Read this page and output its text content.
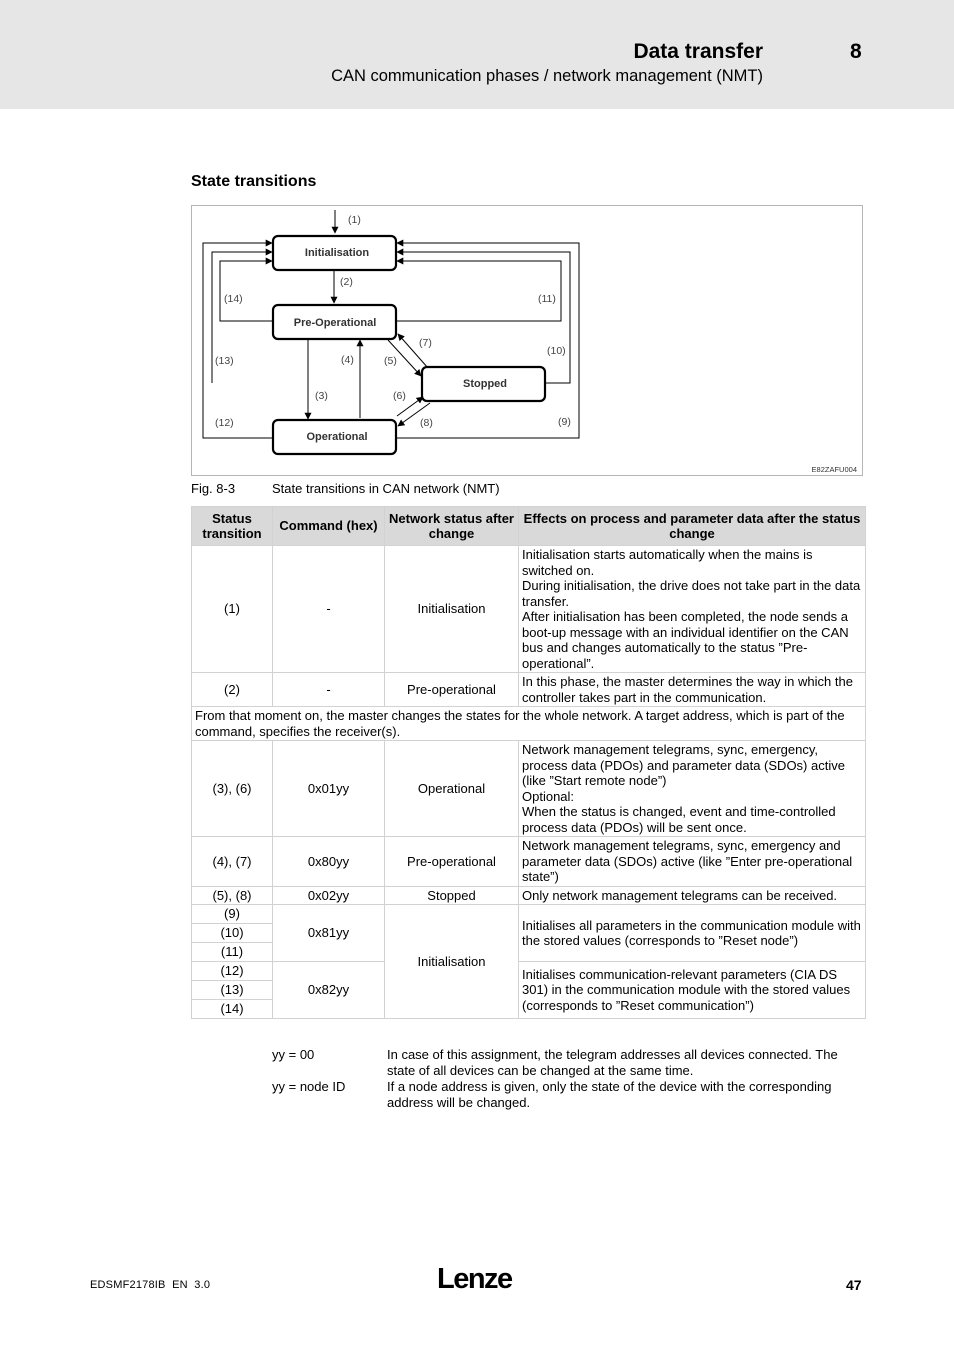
Data transfer	8
CAN communication phases / network management (NMT)
State transitions
Initialisation
Pre-Operational
Stopped
Operational
(1)
(2)
(14)	(11)
(13)	(4)	(5)
(7)
(10)
(3)	(6)
(12)	(8)	(9)
E82ZAFU004
Fig. 8-3	State transitions in CAN network (NMT)
Status transition	Command (hex)	Network status after change	Effects on process and parameter data after the status change
(1)	-	Initialisation	Initialisation starts automatically when the mains is switched on.
During initialisation, the drive does not take part in the data transfer.
After initialisation has been completed, the node sends a boot-up message with an individual identifier on the CAN bus and changes automatically to the status ”Pre-operational”.

(2)	-	Pre-operational	In this phase, the master determines the way in which the controller takes part in the communication.
From that moment on, the master changes the states for the whole network. A target address, which is part of the command, specifies the receiver(s).			
(3), (6)	0x01yy	Operational	Network management telegrams, sync, emergency, process data (PDOs) and parameter data (SDOs) active (like ”Start remote node”)
Optional:
When the status is changed, event and time-controlled process data (PDOs) will be sent once.

(4), (7)	0x80yy	Pre-operational	Network management telegrams, sync, emergency and parameter data (SDOs) active (like ”Enter pre-operational state”)
(5), (8)	0x02yy	Stopped	Only network management telegrams can be received.
(9)	0x81yy	Initialisation	Initialises all parameters in the communication module with the stored values (corresponds to ”Reset node”)
(10)			
(11)			
(12)	0x82yy		Initialises communication-relevant parameters (CIA DS 301) in the communication module with the stored values (corresponds to ”Reset communication”)
(13)			
(14)			
yy = 00	In case of this assignment, the telegram addresses all devices connected. The state of all devices can be changed at the same time.
yy = node ID	If a node address is given, only the state of the device with the corresponding address will be changed.
EDSMF2178IB  EN  3.0	Lenze	47
